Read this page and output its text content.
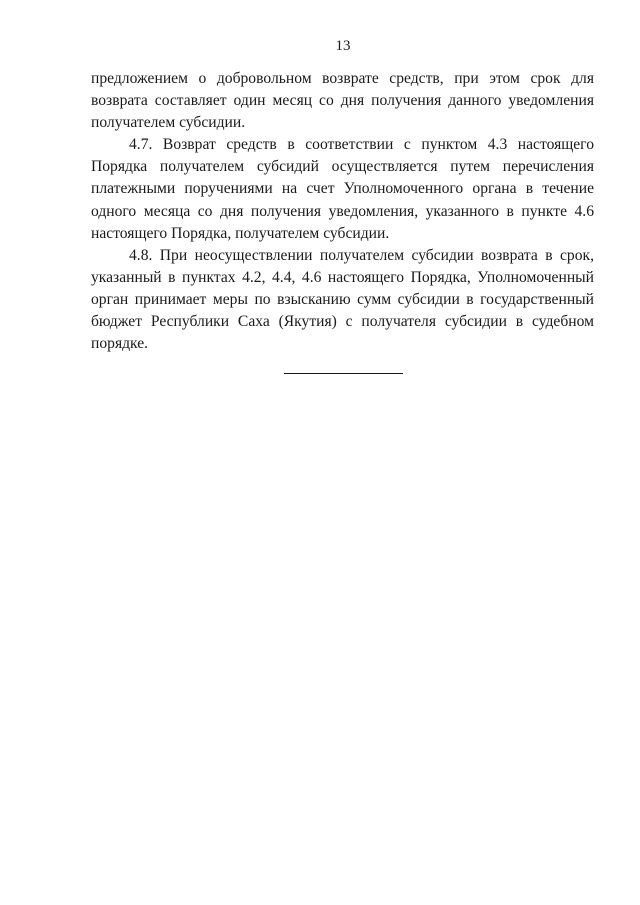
13

предложением о добровольном возврате средств, при этом срок для возврата составляет один месяц со дня получения данного уведомления получателем субсидии.

4.7. Возврат средств в соответствии с пунктом 4.3 настоящего Порядка получателем субсидий осуществляется путем перечисления платежными поручениями на счет Уполномоченного органа в течение одного месяца со дня получения уведомления, указанного в пункте 4.6 настоящего Порядка, получателем субсидии.

4.8. При неосуществлении получателем субсидии возврата в срок, указанный в пунктах 4.2, 4.4, 4.6 настоящего Порядка, Уполномоченный орган принимает меры по взысканию сумм субсидии в государственный бюджет Республики Саха (Якутия) с получателя субсидии в судебном порядке.
